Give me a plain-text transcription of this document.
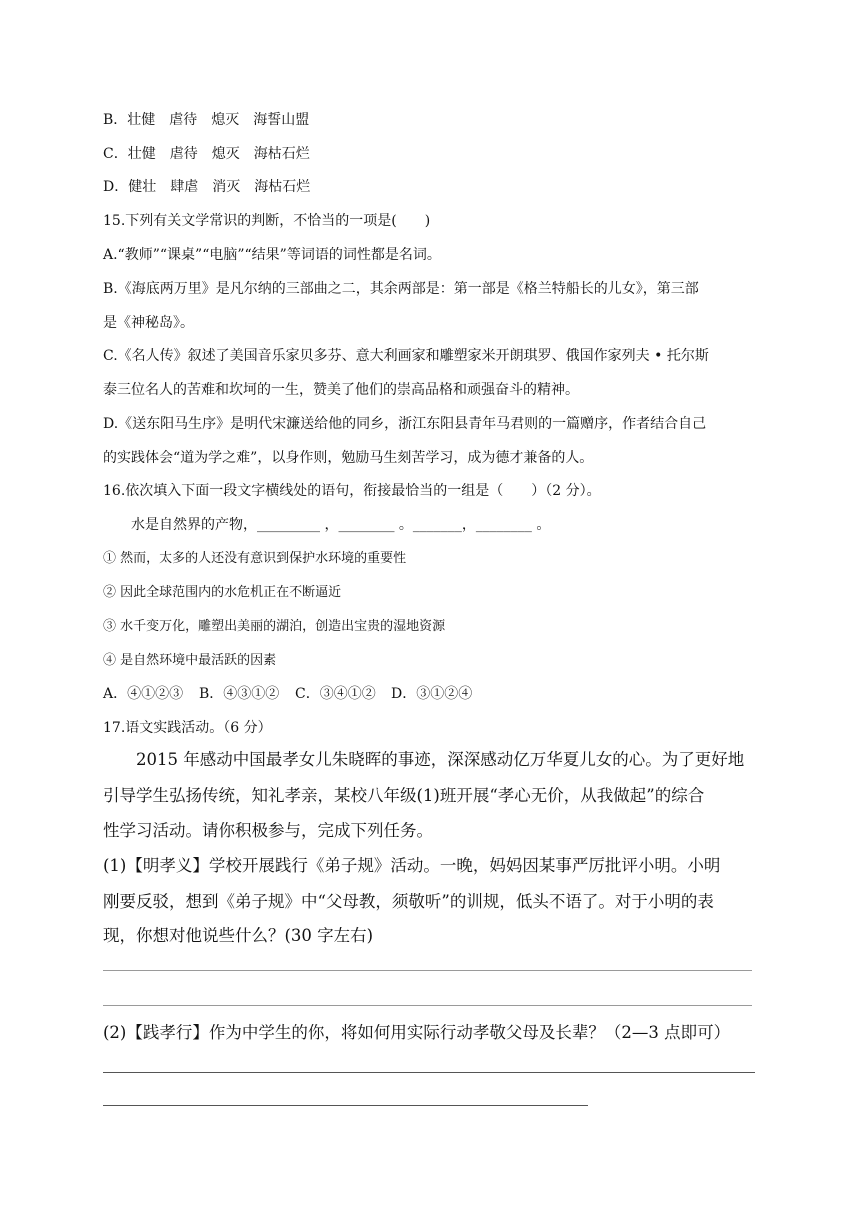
B．壮健　 虐待　 熄灭　 海誓山盟
C．壮健　 虐待　 熄灭　 海枯石烂
D．健壮　 肆虐　 消灭　 海枯石烂
15.下列有关文学常识的判断，不恰当的一项是(　　)
A.“教师”“课桌”“电脑”“结果”等词语的词性都是名词。
B.《海底两万里》是凡尔纳的三部曲之二，其余两部是：第一部是《格兰特船长的儿女》，第三部
是《神秘岛》。
C.《名人传》叙述了美国音乐家贝多芬、意大利画家和雕塑家米开朗琪罗、俄国作家列夫 • 托尔斯
泰三位名人的苦难和坎坷的一生，赞美了他们的崇高品格和顽强奋斗的精神。
D.《送东阳马生序》是明代宋濂送给他的同乡，浙江东阳县青年马君则的一篇赠序，作者结合自己
的实践体会“道为学之难”，以身作则，勉励马生刻苦学习，成为德才兼备的人。
16.依次填入下面一段文字横线处的语句，衔接最恰当的一组是（　　）（2 分）。
水是自然界的产物，_________ ，________ 。_______，________ 。
① 然而，太多的人还没有意识到保护水环境的重要性
② 因此全球范围内的水危机正在不断逼近
③ 水千变万化，雕塑出美丽的湖泊，创造出宝贵的湿地资源
④ 是自然环境中最活跃的因素
A．④①②③ B．④③①② C．③④①② D．③①②④
17.语文实践活动。（6 分）
2015 年感动中国最孝女儿朱晓晖的事迹，深深感动亿万华夏儿女的心。为了更好地
引导学生弘扬传统，知礼孝亲，某校八年级(1)班开展“孝心无价，从我做起”的综合
性学习活动。请你积极参与，完成下列任务。
(1)【明孝义】学校开展践行《弟子规》活动。一晚，妈妈因某事严厉批评小明。小明
刚要反驳，想到《弟子规》中“父母教，须敬听”的训规，低头不语了。对于小明的表
现，你想对他说些什么？(30 字左右)
(2)【践孝行】作为中学生的你，将如何用实际行动孝敬父母及长辈？（2—3 点即可）
